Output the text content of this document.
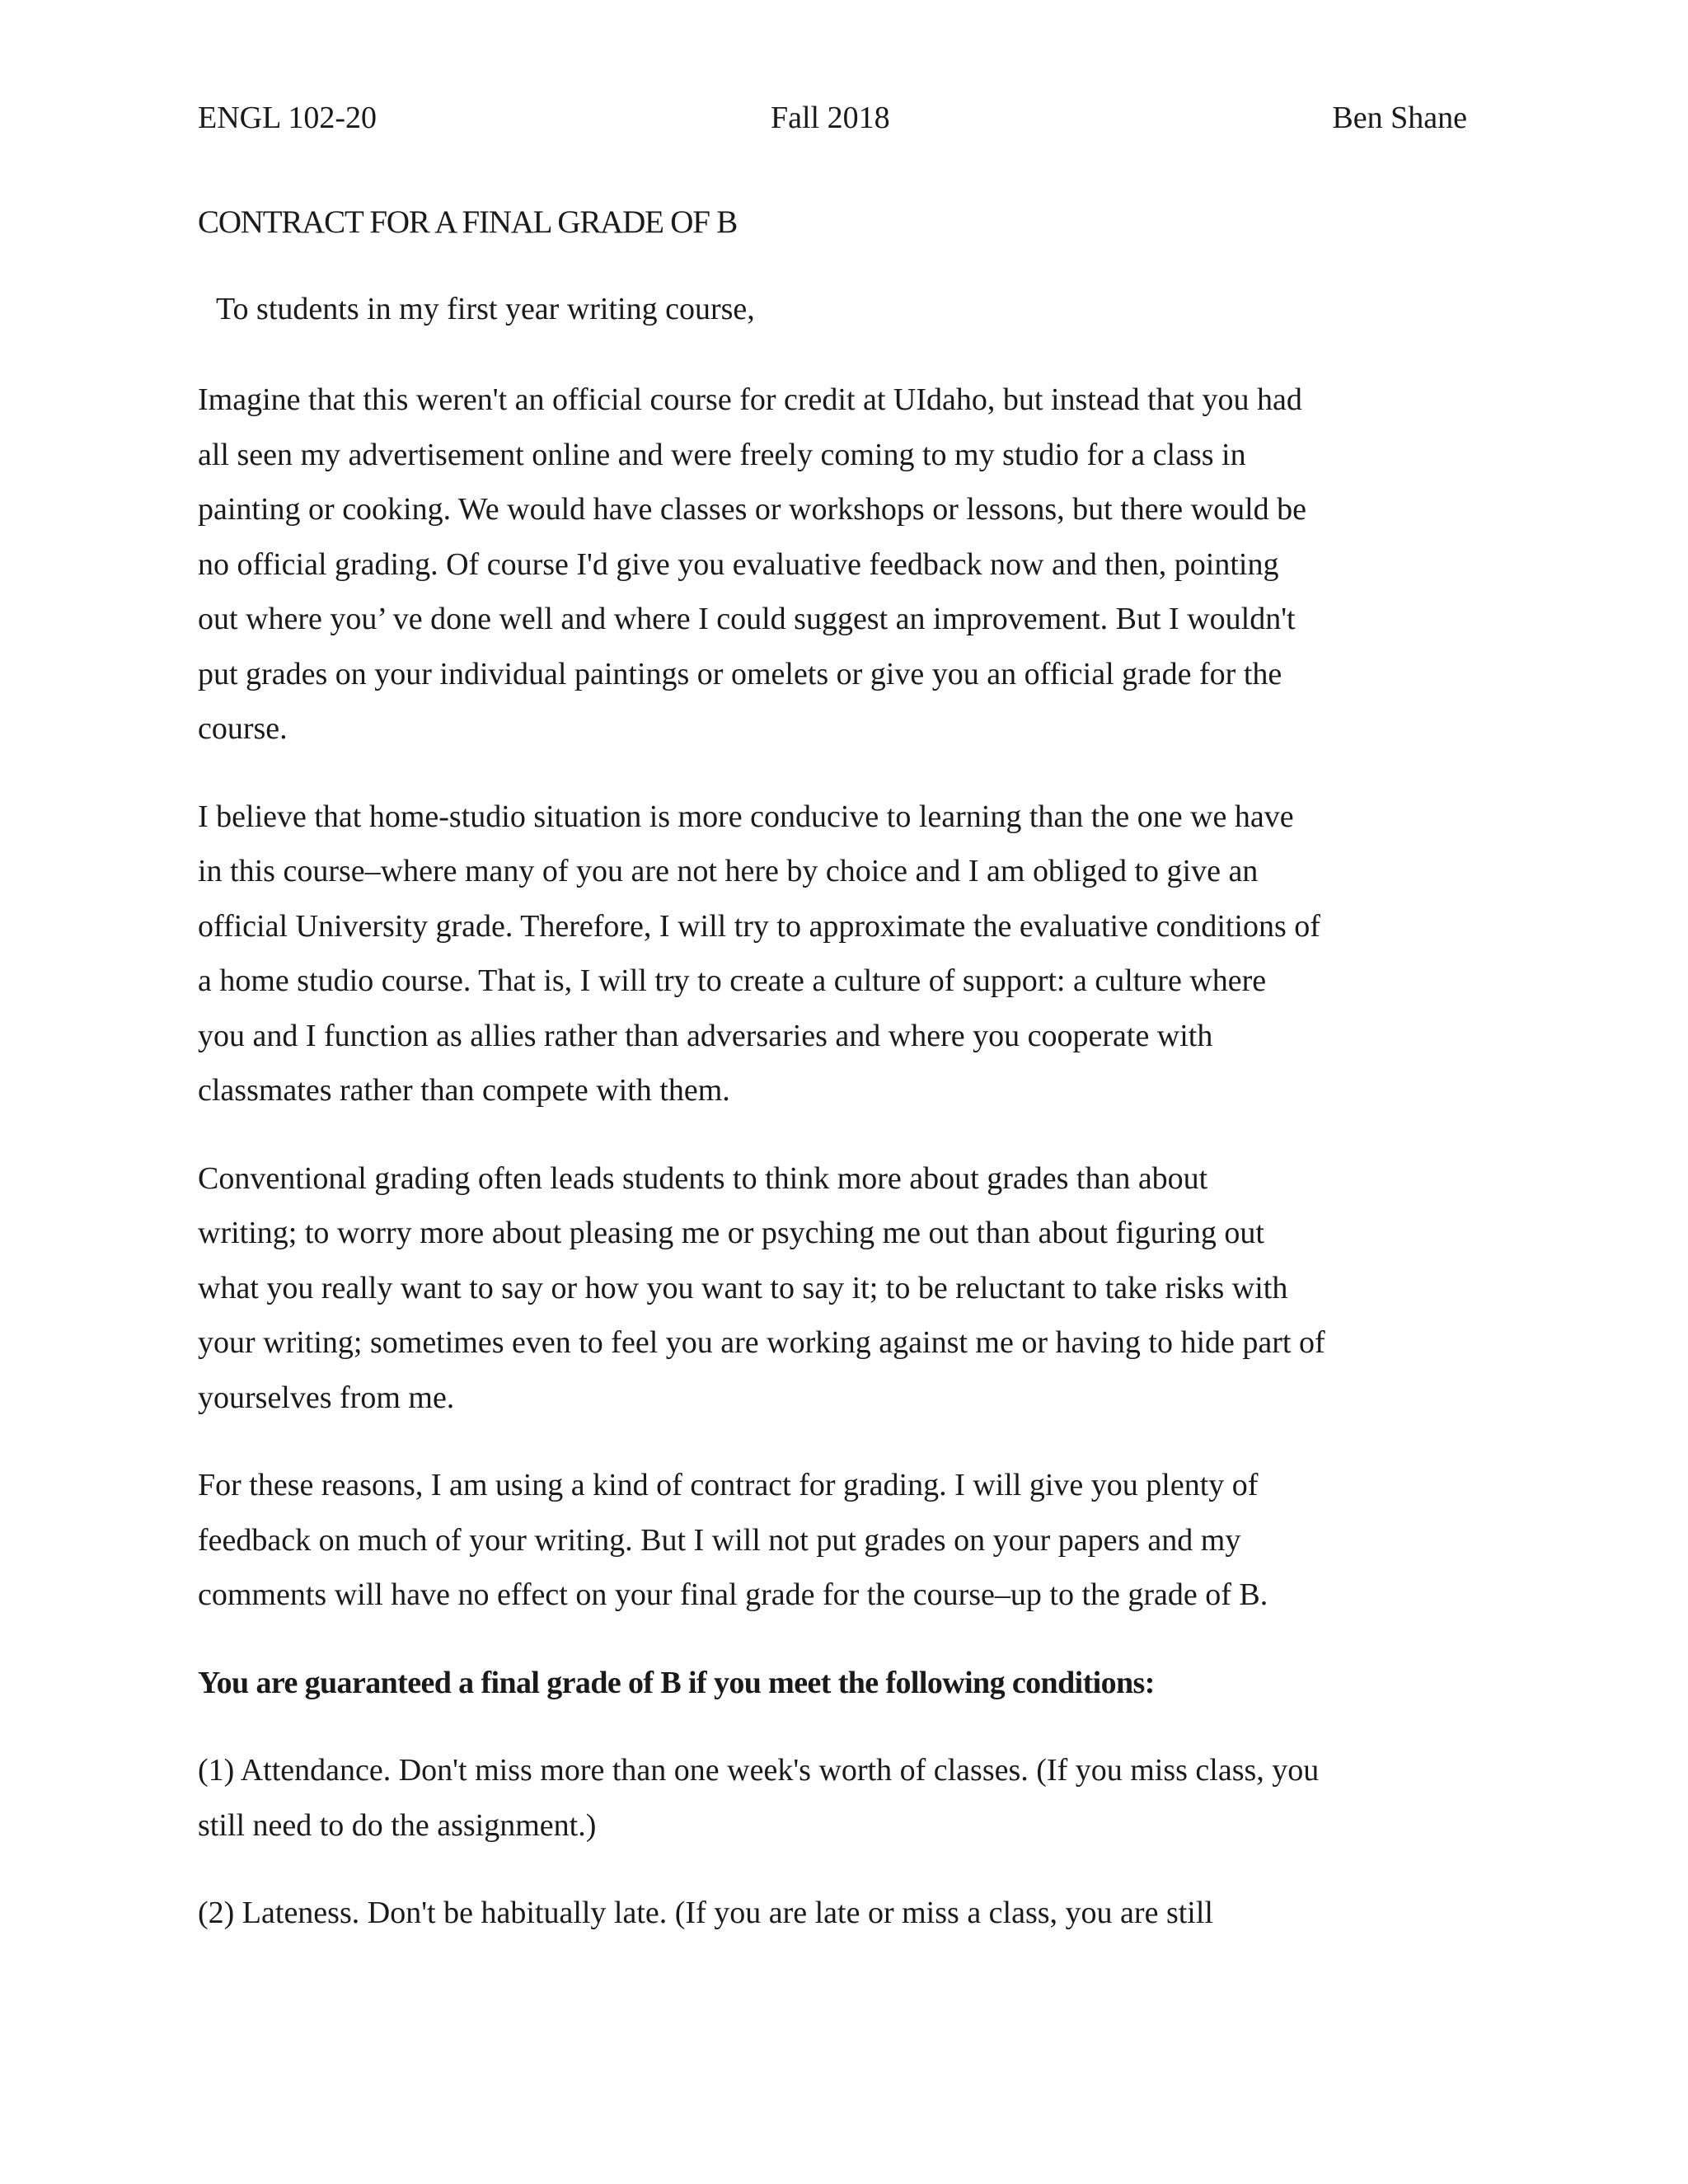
ENGL 102-20	Fall 2018	Ben Shane
CONTRACT FOR A FINAL GRADE OF B
To students in my first year writing course,

Imagine that this weren't an official course for credit at UIdaho, but instead that you had
all seen my advertisement online and were freely coming to my studio for a class in
painting or cooking. We would have classes or workshops or lessons, but there would be
no official grading. Of course I'd give you evaluative feedback now and then, pointing
out where you’ ve done well and where I could suggest an improvement. But I wouldn't
put grades on your individual paintings or omelets or give you an official grade for the
course.

I believe that home-studio situation is more conducive to learning than the one we have
in this course–where many of you are not here by choice and I am obliged to give an
official University grade. Therefore, I will try to approximate the evaluative conditions of
a home studio course. That is, I will try to create a culture of support: a culture where
you and I function as allies rather than adversaries and where you cooperate with
classmates rather than compete with them.

Conventional grading often leads students to think more about grades than about
writing; to worry more about pleasing me or psyching me out than about figuring out
what you really want to say or how you want to say it; to be reluctant to take risks with
your writing; sometimes even to feel you are working against me or having to hide part of
yourselves from me.

For these reasons, I am using a kind of contract for grading. I will give you plenty of
feedback on much of your writing. But I will not put grades on your papers and my
comments will have no effect on your final grade for the course–up to the grade of B.

You are guaranteed a final grade of B if you meet the following conditions:

(1) Attendance. Don't miss more than one week's worth of classes. (If you miss class, you
still need to do the assignment.)

(2) Lateness. Don't be habitually late. (If you are late or miss a class, you are still
